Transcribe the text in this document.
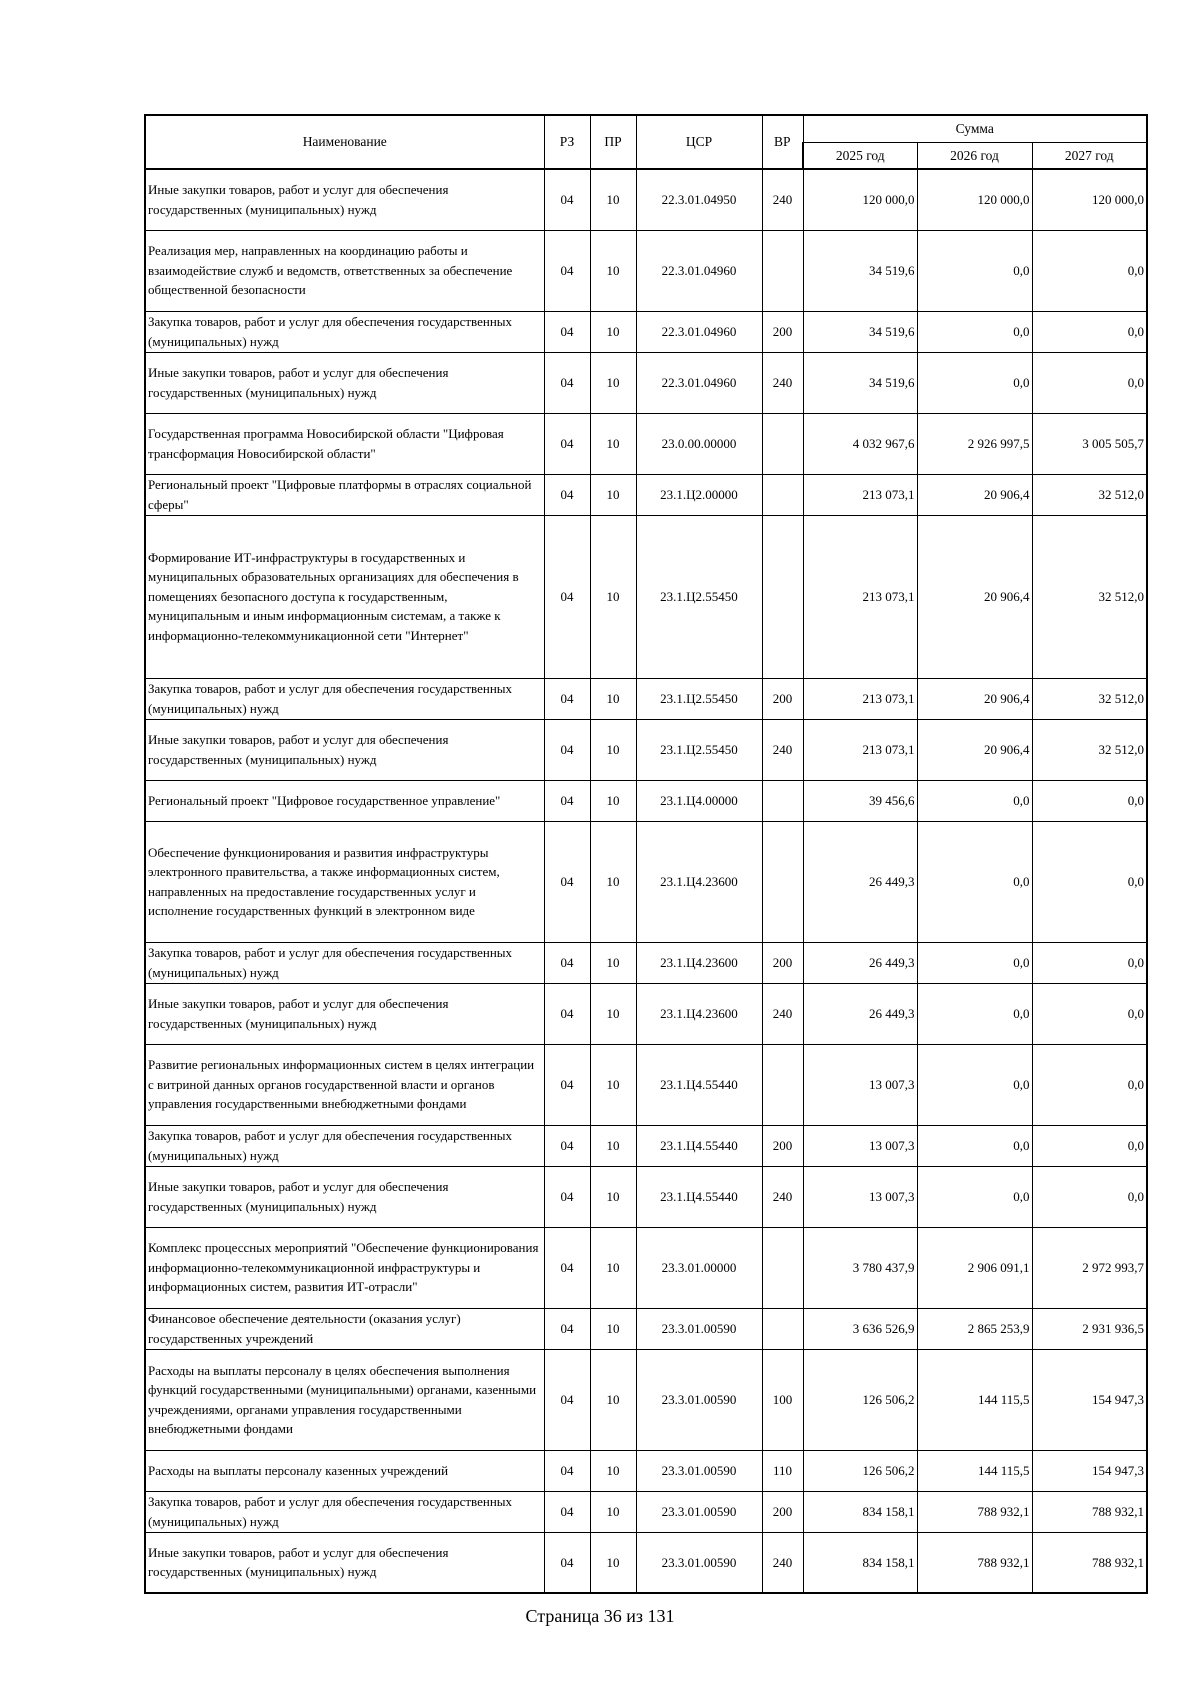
Наименование	РЗ	ПР	ЦСР	ВР	Сумма		
					2025 год	2026 год	2027 год
Иные закупки товаров, работ и услуг для обеспечения государственных (муниципальных) нужд	04	10	22.3.01.04950	240	120 000,0	120 000,0	120 000,0
Реализация мер, направленных на координацию работы и взаимодействие служб и ведомств, ответственных за обеспечение общественной безопасности	04	10	22.3.01.04960		34 519,6	0,0	0,0
Закупка товаров, работ и услуг для обеспечения государственных (муниципальных) нужд	04	10	22.3.01.04960	200	34 519,6	0,0	0,0
Иные закупки товаров, работ и услуг для обеспечения государственных (муниципальных) нужд	04	10	22.3.01.04960	240	34 519,6	0,0	0,0
Государственная программа Новосибирской области "Цифровая трансформация Новосибирской области"	04	10	23.0.00.00000		4 032 967,6	2 926 997,5	3 005 505,7
Региональный проект "Цифровые платформы в отраслях социальной сферы"	04	10	23.1.Ц2.00000		213 073,1	20 906,4	32 512,0
Формирование ИТ-инфраструктуры в государственных и муниципальных образовательных организациях для обеспечения в помещениях безопасного доступа к государственным, муниципальным и иным информационным системам, а также к информационно-телекоммуникационной сети "Интернет"	04	10	23.1.Ц2.55450		213 073,1	20 906,4	32 512,0
Закупка товаров, работ и услуг для обеспечения государственных (муниципальных) нужд	04	10	23.1.Ц2.55450	200	213 073,1	20 906,4	32 512,0
Иные закупки товаров, работ и услуг для обеспечения государственных (муниципальных) нужд	04	10	23.1.Ц2.55450	240	213 073,1	20 906,4	32 512,0
Региональный проект "Цифровое государственное управление"	04	10	23.1.Ц4.00000		39 456,6	0,0	0,0
Обеспечение функционирования и развития инфраструктуры электронного правительства, а также информационных систем, направленных на предоставление государственных услуг и исполнение государственных функций в электронном виде	04	10	23.1.Ц4.23600		26 449,3	0,0	0,0
Закупка товаров, работ и услуг для обеспечения государственных (муниципальных) нужд	04	10	23.1.Ц4.23600	200	26 449,3	0,0	0,0
Иные закупки товаров, работ и услуг для обеспечения государственных (муниципальных) нужд	04	10	23.1.Ц4.23600	240	26 449,3	0,0	0,0
Развитие региональных информационных систем в целях интеграции с витриной данных органов государственной власти и органов управления государственными внебюджетными фондами	04	10	23.1.Ц4.55440		13 007,3	0,0	0,0
Закупка товаров, работ и услуг для обеспечения государственных (муниципальных) нужд	04	10	23.1.Ц4.55440	200	13 007,3	0,0	0,0
Иные закупки товаров, работ и услуг для обеспечения государственных (муниципальных) нужд	04	10	23.1.Ц4.55440	240	13 007,3	0,0	0,0
Комплекс процессных мероприятий "Обеспечение функционирования информационно-телекоммуникационной инфраструктуры и информационных систем, развития ИТ-отрасли"	04	10	23.3.01.00000		3 780 437,9	2 906 091,1	2 972 993,7
Финансовое обеспечение деятельности (оказания услуг) государственных учреждений	04	10	23.3.01.00590		3 636 526,9	2 865 253,9	2 931 936,5
Расходы на выплаты персоналу в целях обеспечения выполнения функций государственными (муниципальными) органами, казенными учреждениями, органами управления государственными внебюджетными фондами	04	10	23.3.01.00590	100	126 506,2	144 115,5	154 947,3
Расходы на выплаты персоналу казенных учреждений	04	10	23.3.01.00590	110	126 506,2	144 115,5	154 947,3
Закупка товаров, работ и услуг для обеспечения государственных (муниципальных) нужд	04	10	23.3.01.00590	200	834 158,1	788 932,1	788 932,1
Иные закупки товаров, работ и услуг для обеспечения государственных (муниципальных) нужд	04	10	23.3.01.00590	240	834 158,1	788 932,1	788 932,1
Страница 36 из 131
